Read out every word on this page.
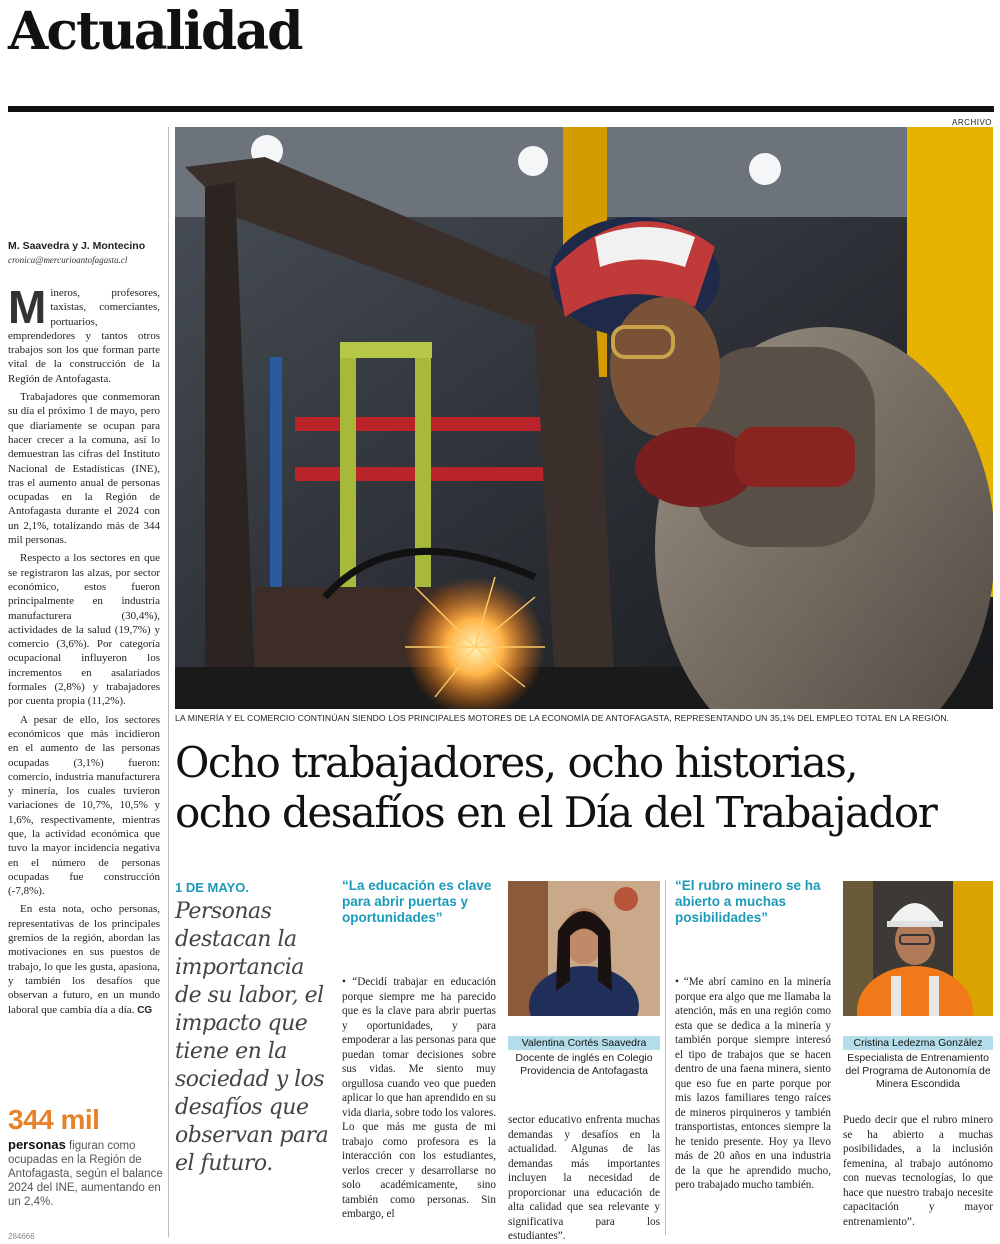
Actualidad
ARCHIVO
LA MINERÍA Y EL COMERCIO CONTINÚAN SIENDO LOS PRINCIPALES MOTORES DE LA ECONOMÍA DE ANTOFAGASTA, REPRESENTANDO UN 35,1% DEL EMPLEO TOTAL EN LA REGIÓN.
M. Saavedra y J. Montecino
cronica@mercurioantofagasta.cl

Mineros, profesores, taxistas, comerciantes, portuarios, emprendedores y tantos otros trabajos son los que forman parte vital de la construcción de la Región de Antofagasta.

Trabajadores que conmemoran su día el próximo 1 de mayo, pero que diariamente se ocupan para hacer crecer a la comuna, así lo demuestran las cifras del Instituto Nacional de Estadísticas (INE), tras el aumento anual de personas ocupadas en la Región de Antofagasta durante el 2024 con un 2,1%, totalizando más de 344 mil personas.

Respecto a los sectores en que se registraron las alzas, por sector económico, estos fueron principalmente en industria manufacturera (30,4%), actividades de la salud (19,7%) y comercio (3,6%). Por categoría ocupacional influyeron los incrementos en asalariados formales (2,8%) y trabajadores por cuenta propia (11,2%).

A pesar de ello, los sectores económicos que más incidieron en el aumento de las personas ocupadas (3,1%) fueron: comercio, industria manufacturera y minería, los cuales tuvieron variaciones de 10,7%, 10,5% y 1,6%, respectivamente, mientras que, la actividad económica que tuvo la mayor incidencia negativa en el número de personas ocupadas fue construcción (-7,8%).

En esta nota, ocho personas, representativas de los principales gremios de la región, abordan las motivaciones en sus puestos de trabajo, lo que les gusta, apasiona, y también los desafíos que observan a futuro, en un mundo laboral que cambia día a día. CG

344 mil
personas figuran como ocupadas en la Región de Antofagasta, según el balance 2024 del INE, aumentando en un 2,4%.
284666
Ocho trabajadores, ocho historias,
ocho desafíos en el Día del Trabajador
1 DE MAYO.
Personas destacan la importancia de su labor, el impacto que tiene en la sociedad y los desafíos que observan para el futuro.
“La educación es clave para abrir puertas y oportunidades”
• “Decidí trabajar en educación porque siempre me ha parecido que es la clave para abrir puertas y oportunidades, y para empoderar a las personas para que puedan tomar decisiones sobre sus vidas. Me siento muy orgullosa cuando veo que pueden aplicar lo que han aprendido en su vida diaria, sobre todo los valores. Lo que más me gusta de mi trabajo como profesora es la interacción con los estudiantes, verlos crecer y desarrollarse no solo académicamente, sino también como personas. Sin embargo, el
Valentina Cortés Saavedra
Docente de inglés en Colegio Providencia de Antofagasta
sector educativo enfrenta muchas demandas y desafíos en la actualidad. Algunas de las demandas más importantes incluyen la necesidad de proporcionar una educación de alta calidad que sea relevante y significativa para los estudiantes”.
“El rubro minero se ha abierto a muchas posibilidades”
• “Me abrí camino en la minería porque era algo que me llamaba la atención, más en una región como esta que se dedica a la minería y también porque siempre interesó el tipo de trabajos que se hacen dentro de una faena minera, siento que eso fue en parte porque por mis lazos familiares tengo raíces de mineros pirquineros y también transportistas, entonces siempre la he tenido presente. Hoy ya llevo más de 20 años en una industria de la que he aprendido mucho, pero trabajado mucho también.
Cristina Ledezma González
Especialista de Entrenamiento del Programa de Autonomía de Minera Escondida
Puedo decir que el rubro minero se ha abierto a muchas posibilidades, a la inclusión femenina, al trabajo autónomo con nuevas tecnologías, lo que hace que nuestro trabajo necesite capacitación y mayor entrenamiento”.
